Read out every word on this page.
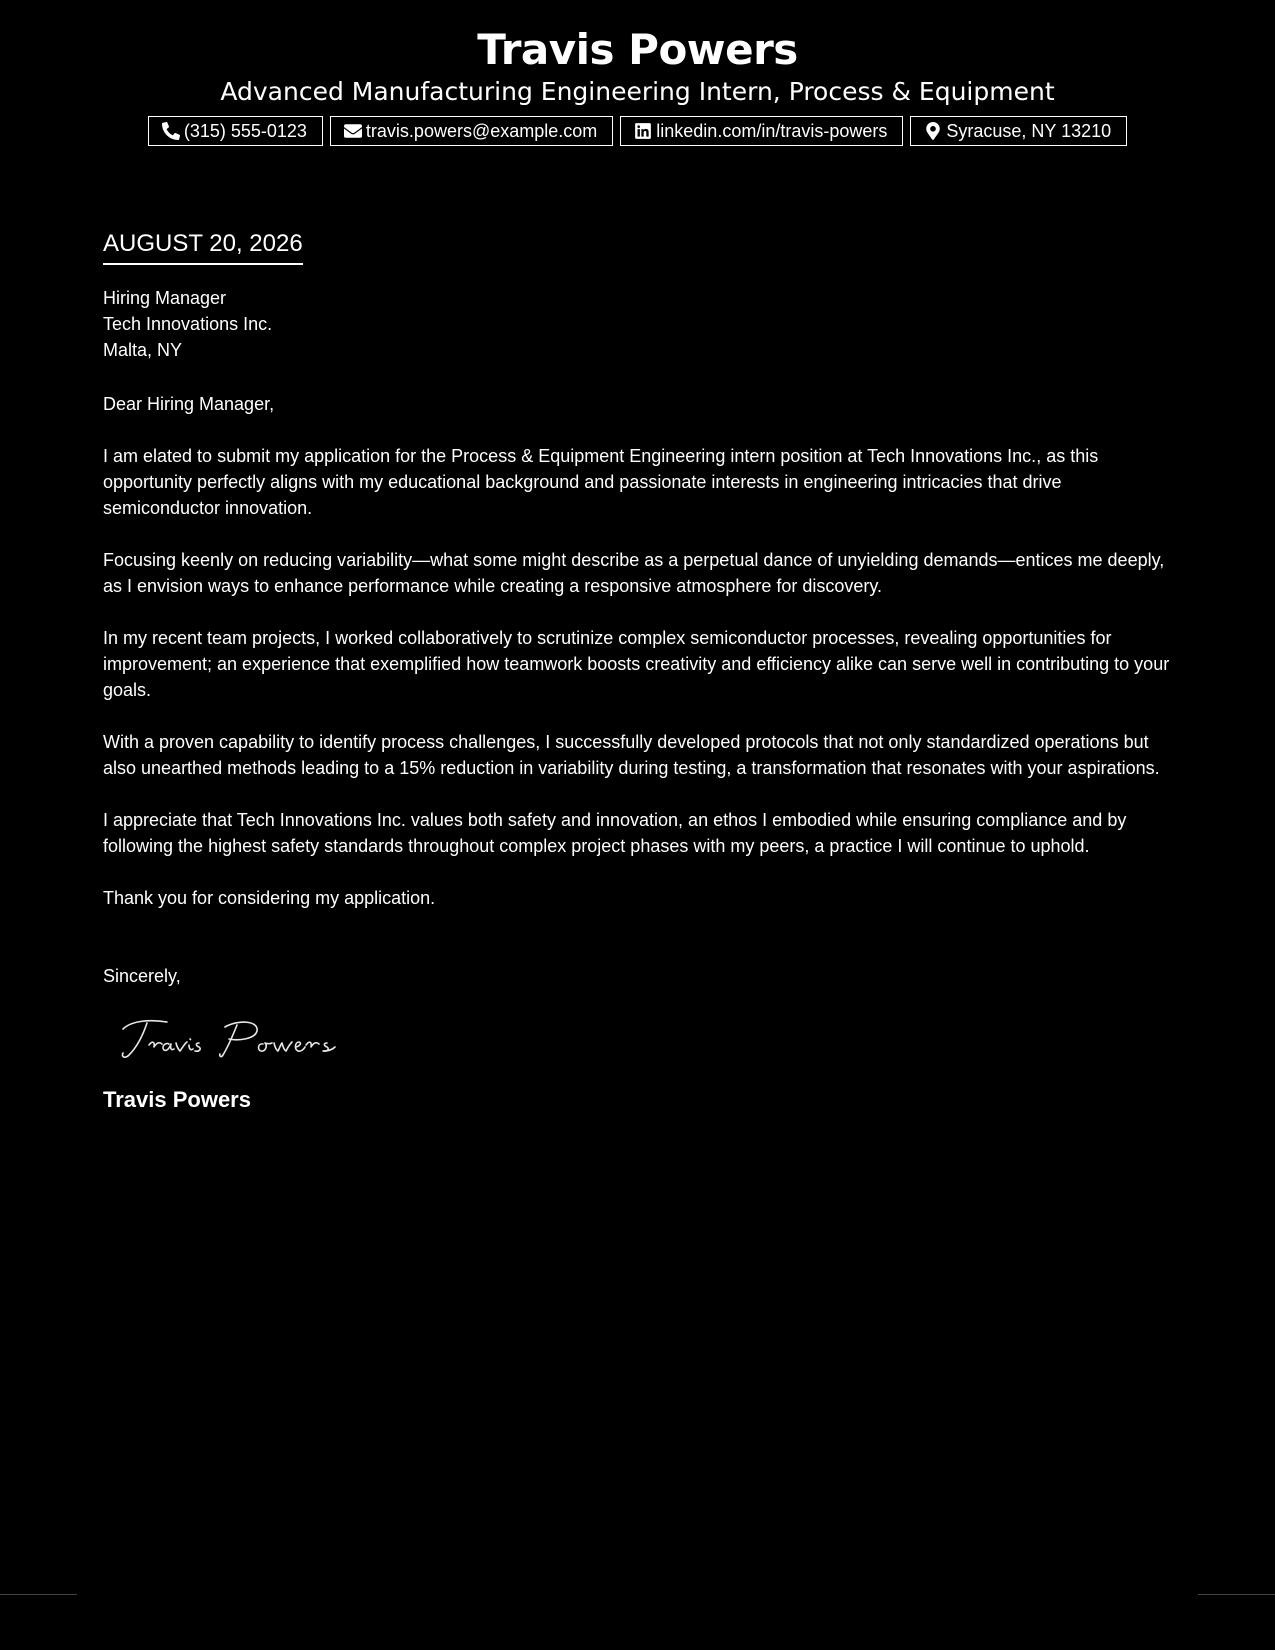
Travis Powers
Advanced Manufacturing Engineering Intern, Process & Equipment
(315) 555-0123	travis.powers@example.com	linkedin.com/in/travis-powers	Syracuse, NY 13210
AUGUST 20, 2026
Hiring Manager
Tech Innovations Inc.
Malta, NY
Dear Hiring Manager,
I am elated to submit my application for the Process & Equipment Engineering intern position at Tech Innovations Inc., as this opportunity perfectly aligns with my educational background and passionate interests in engineering intricacies that drive semiconductor innovation.
Focusing keenly on reducing variability—what some might describe as a perpetual dance of unyielding demands—entices me deeply, as I envision ways to enhance performance while creating a responsive atmosphere for discovery.
In my recent team projects, I worked collaboratively to scrutinize complex semiconductor processes, revealing opportunities for improvement; an experience that exemplified how teamwork boosts creativity and efficiency alike can serve well in contributing to your goals.
With a proven capability to identify process challenges, I successfully developed protocols that not only standardized operations but also unearthed methods leading to a 15% reduction in variability during testing, a transformation that resonates with your aspirations.
I appreciate that Tech Innovations Inc. values both safety and innovation, an ethos I embodied while ensuring compliance and by following the highest safety standards throughout complex project phases with my peers, a practice I will continue to uphold.
Thank you for considering my application.
Sincerely,
Travis Powers
